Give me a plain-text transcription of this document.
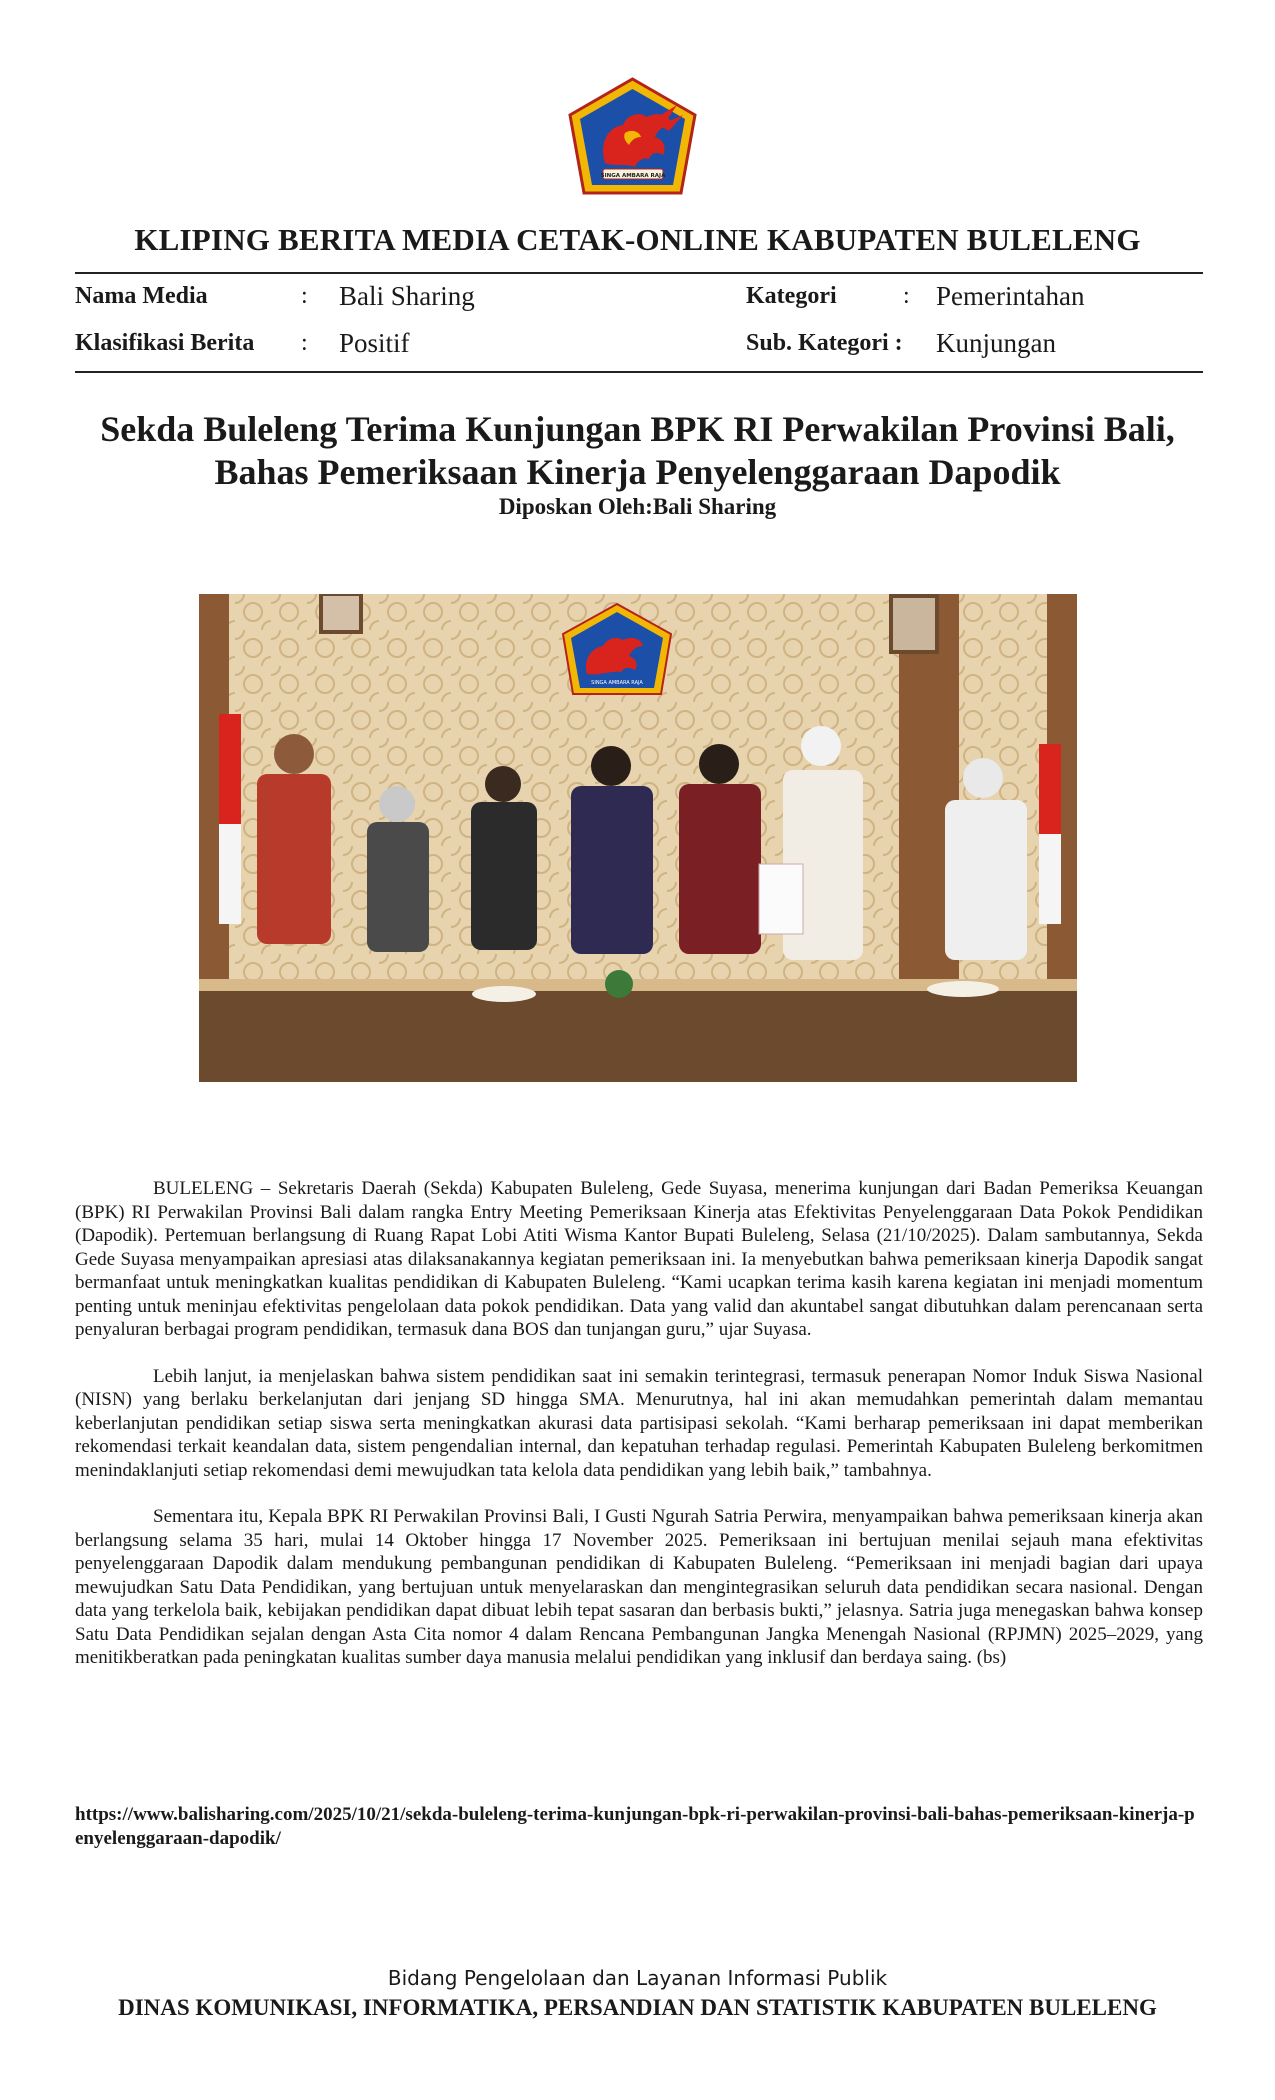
SINGA AMBARA RAJA
KLIPING BERITA MEDIA CETAK-ONLINE KABUPATEN BULELENG
Nama Media	: Bali Sharing
Klasifikasi Berita : Positif
Kategori	: Pemerintahan
Sub. Kategori : Kunjungan
Sekda Buleleng Terima Kunjungan BPK RI Perwakilan Provinsi Bali,
Bahas Pemeriksaan Kinerja Penyelenggaraan Dapodik
Diposkan Oleh:Bali Sharing
SINGA AMBARA RAJA

BULELENG – Sekretaris Daerah (Sekda) Kabupaten Buleleng, Gede Suyasa, menerima kunjungan dari Badan Pemeriksa Keuangan (BPK) RI Perwakilan Provinsi Bali dalam rangka Entry Meeting Pemeriksaan Kinerja atas Efektivitas Penyelenggaraan Data Pokok Pendidikan (Dapodik). Pertemuan berlangsung di Ruang Rapat Lobi Atiti Wisma Kantor Bupati Buleleng, Selasa (21/10/2025). Dalam sambutannya, Sekda Gede Suyasa menyampaikan apresiasi atas dilaksanakannya kegiatan pemeriksaan ini. Ia menyebutkan bahwa pemeriksaan kinerja Dapodik sangat bermanfaat untuk meningkatkan kualitas pendidikan di Kabupaten Buleleng. “Kami ucapkan terima kasih karena kegiatan ini menjadi momentum penting untuk meninjau efektivitas pengelolaan data pokok pendidikan. Data yang valid dan akuntabel sangat dibutuhkan dalam perencanaan serta penyaluran berbagai program pendidikan, termasuk dana BOS dan tunjangan guru,” ujar Suyasa.

Lebih lanjut, ia menjelaskan bahwa sistem pendidikan saat ini semakin terintegrasi, termasuk penerapan Nomor Induk Siswa Nasional (NISN) yang berlaku berkelanjutan dari jenjang SD hingga SMA. Menurutnya, hal ini akan memudahkan pemerintah dalam memantau keberlanjutan pendidikan setiap siswa serta meningkatkan akurasi data partisipasi sekolah. “Kami berharap pemeriksaan ini dapat memberikan rekomendasi terkait keandalan data, sistem pengendalian internal, dan kepatuhan terhadap regulasi. Pemerintah Kabupaten Buleleng berkomitmen menindaklanjuti setiap rekomendasi demi mewujudkan tata kelola data pendidikan yang lebih baik,” tambahnya.

Sementara itu, Kepala BPK RI Perwakilan Provinsi Bali, I Gusti Ngurah Satria Perwira, menyampaikan bahwa pemeriksaan kinerja akan berlangsung selama 35 hari, mulai 14 Oktober hingga 17 November 2025. Pemeriksaan ini bertujuan menilai sejauh mana efektivitas penyelenggaraan Dapodik dalam mendukung pembangunan pendidikan di Kabupaten Buleleng. “Pemeriksaan ini menjadi bagian dari upaya mewujudkan Satu Data Pendidikan, yang bertujuan untuk menyelaraskan dan mengintegrasikan seluruh data pendidikan secara nasional. Dengan data yang terkelola baik, kebijakan pendidikan dapat dibuat lebih tepat sasaran dan berbasis bukti,” jelasnya. Satria juga menegaskan bahwa konsep Satu Data Pendidikan sejalan dengan Asta Cita nomor 4 dalam Rencana Pembangunan Jangka Menengah Nasional (RPJMN) 2025–2029, yang menitikberatkan pada peningkatan kualitas sumber daya manusia melalui pendidikan yang inklusif dan berdaya saing. (bs)

https://www.balisharing.com/2025/10/21/sekda-buleleng-terima-kunjungan-bpk-ri-perwakilan-provinsi-bali-bahas-pemeriksaan-kinerja-penyelenggaraan-dapodik/
Bidang Pengelolaan dan Layanan Informasi Publik
DINAS KOMUNIKASI, INFORMATIKA, PERSANDIAN DAN STATISTIK KABUPATEN BULELENG
